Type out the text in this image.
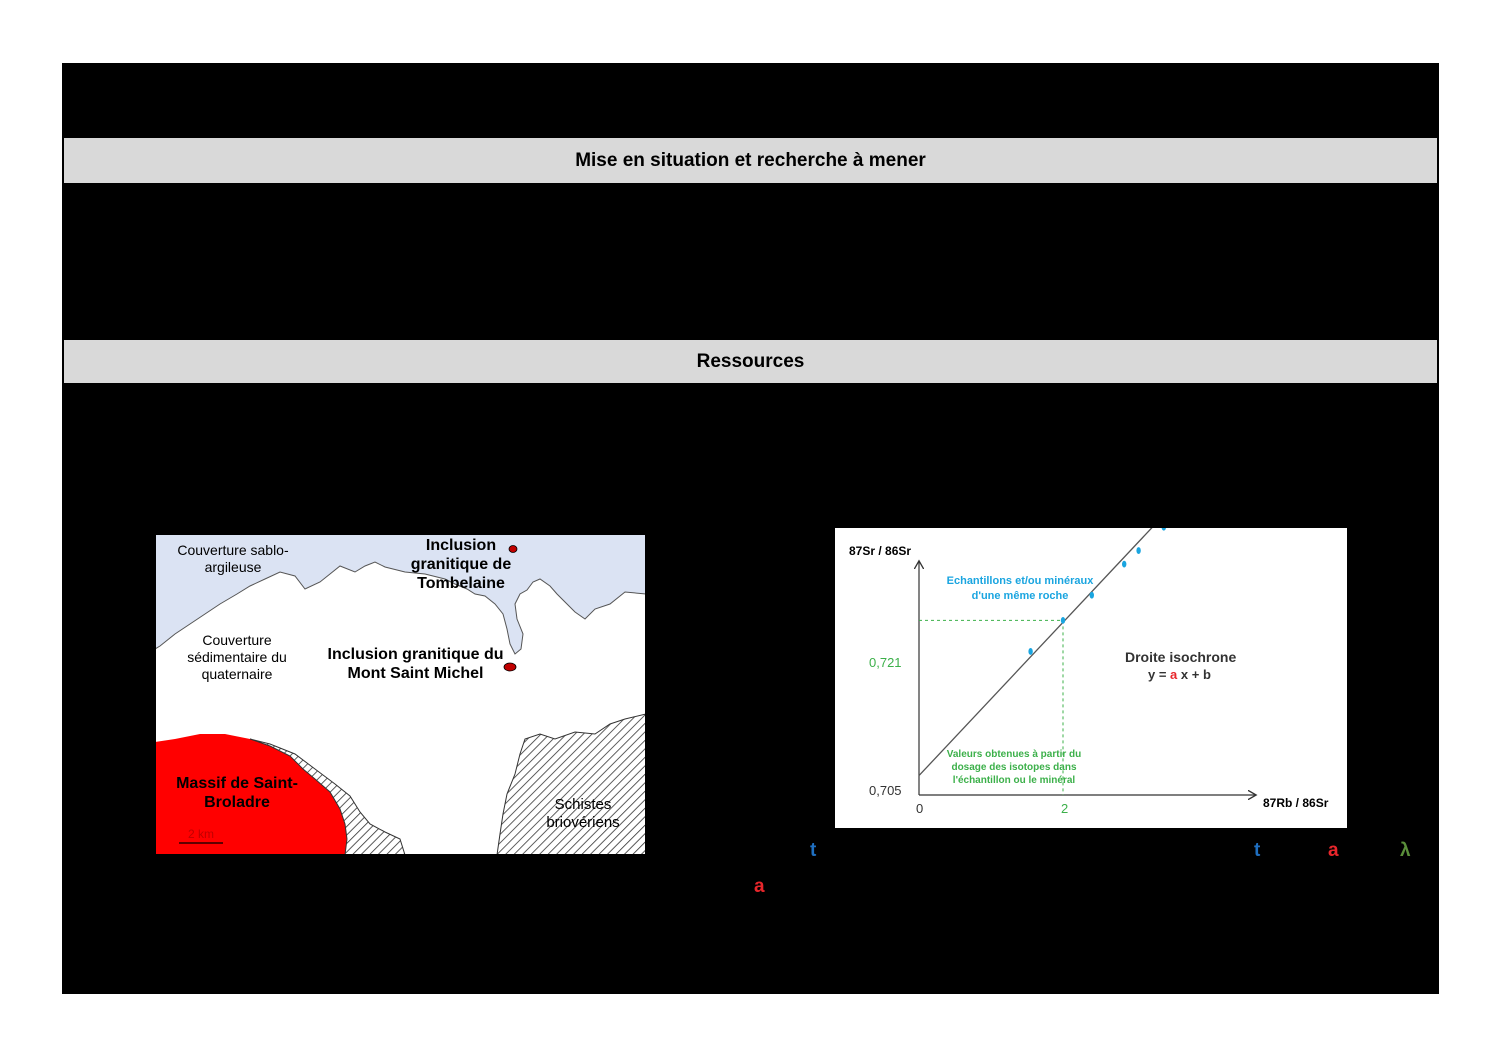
Mise en situation et recherche à mener
Ressources
Couverture sablo-argileuse
Inclusion granitique de Tombelaine
Couverture sédimentaire du quaternaire
Inclusion granitique du Mont Saint Michel
Massif de Saint-Broladre	Schistes briovériens
2 km
87Sr / 86Sr
87Rb / 86Sr
0,721
0,705
0	2
Echantillons et/ou minéraux d'une même roche
Droite isochrone
y = a x + b
Valeurs obtenues à partir du dosage des isotopes dans l'échantillon ou le minéral
t	t	a	λ
a
